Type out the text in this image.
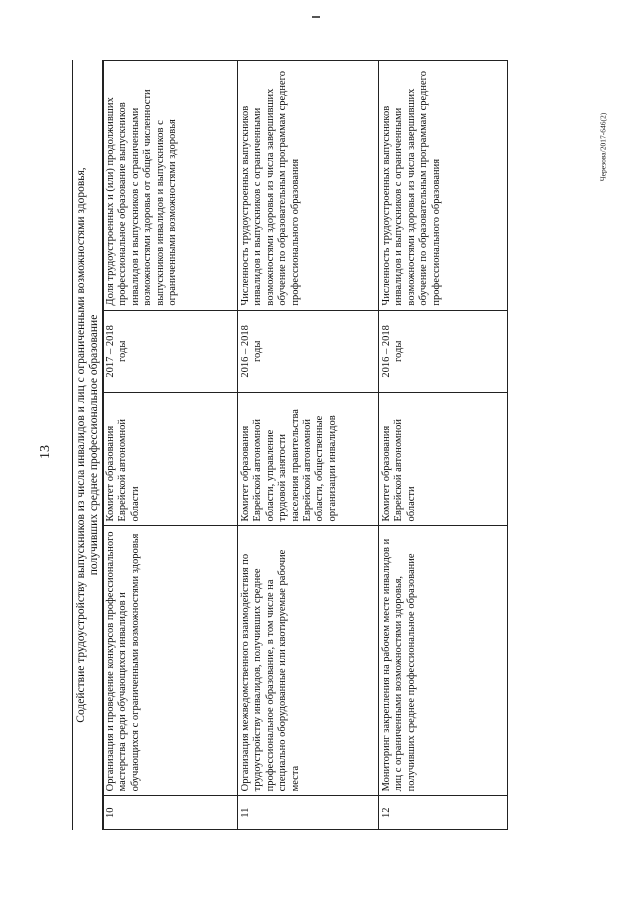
13
Черезова/2017-646(2)
Содействие трудоустройству выпускников из числа инвалидов и лиц с ограниченными возможностями здоровья, получивших среднее профессиональное образование
10	Организация и проведение конкурсов профессионального мастерства среди обучающихся инвалидов и обучающихся с ограниченными возможностями здоровья	Комитет образования Еврейской автономной области	2017 – 2018 годы	Доля трудоустроенных и (или) продолживших профессиональное образование выпускников инвалидов и выпускников с ограниченными возможностями здоровья от общей численности выпускников инвалидов и выпускников с ограниченными возможностями здоровья
11	Организация межведомственного взаимодействия по трудоустройству инвалидов, получивших среднее профессиональное образование, в том числе на специально оборудованные или квотируемые рабочие места	Комитет образования Еврейской автономной области, управление трудовой занятости населения правительства Еврейской автономной области, общественные организации инвалидов	2016 – 2018 годы	Численность трудоустроенных выпускников инвалидов и выпускников с ограниченными возможностями здоровья из числа завершивших обучение по образовательным программам среднего профессионального образования
12	Мониторинг закрепления на рабочем месте инвалидов и лиц с ограниченными возможностями здоровья, получивших среднее профессиональное образование	Комитет образования Еврейской автономной области	2016 – 2018 годы	Численность трудоустроенных выпускников инвалидов и выпускников с ограниченными возможностями здоровья из числа завершивших обучение по образовательным программам среднего профессионального образования
